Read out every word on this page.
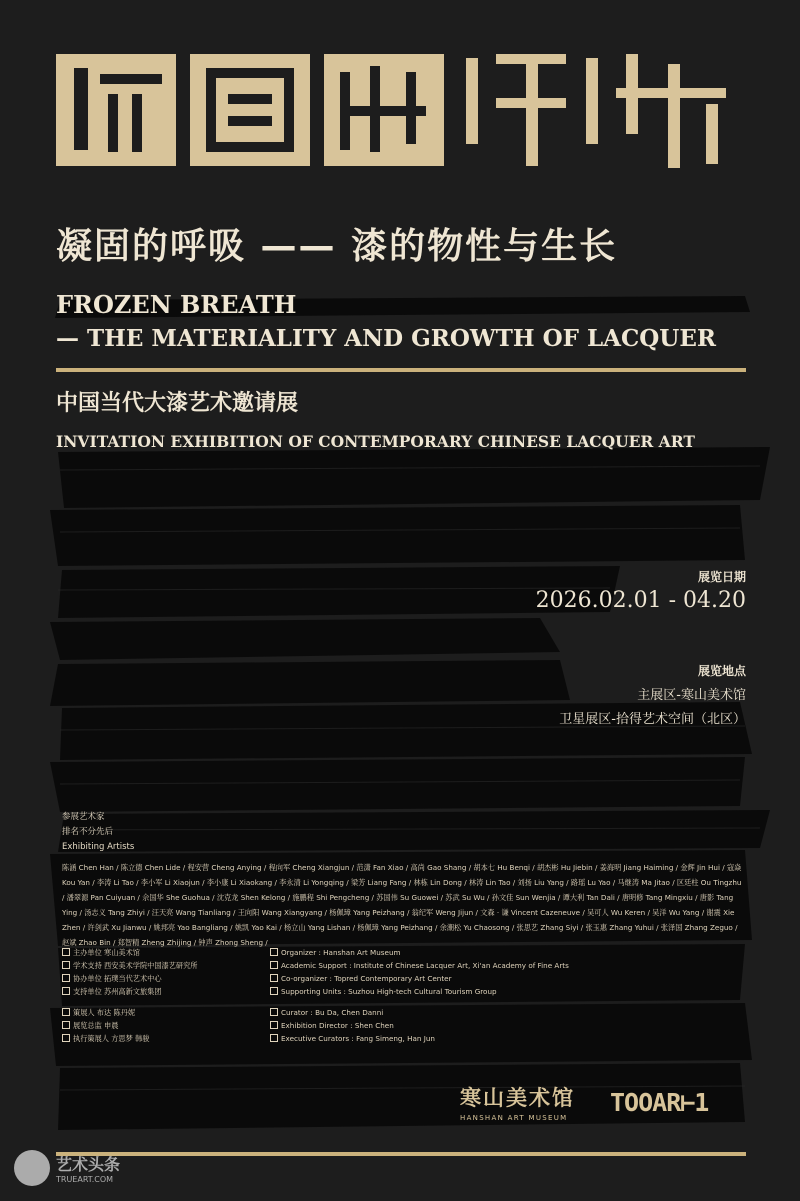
凝固的呼吸 —— 漆的物性与生长
FROZEN BREATH
— THE MATERIALITY AND GROWTH OF LACQUER
中国当代大漆艺术邀请展
INVITATION EXHIBITION OF CONTEMPORARY CHINESE LACQUER ART
展览日期
2026.02.01 - 04.20
展览地点
主展区-寒山美术馆
卫星展区-拾得艺术空间（北区）
参展艺术家
排名不分先后
Exhibiting Artists
陈涵 Chen Han / 陈立德 Chen Lide / 程安营 Cheng Anying / 程向军 Cheng Xiangjun / 范潇 Fan Xiao / 高尚 Gao Shang / 胡本七 Hu Benqi / 胡杰彬 Hu Jiebin / 姜海明 Jiang Haiming / 金辉 Jin Hui / 寇焱 Kou Yan / 李涛 Li Tao / 李小军 Li Xiaojun / 李小康 Li Xiaokang / 李永清 Li Yongqing / 梁芳 Liang Fang / 林栋 Lin Dong / 林涛 Lin Tao / 刘扬 Liu Yang / 路瑶 Lu Yao / 马继涛 Ma Jitao / 区廷柱 Ou Tingzhu / 潘翠源 Pan Cuiyuan / 佘国华 She Guohua / 沈克龙 Shen Kelong / 施鹏程 Shi Pengcheng / 苏国伟 Su Guowei / 苏武 Su Wu / 孙文佳 Sun Wenjia / 谭大利 Tan Dali / 唐明修 Tang Mingxiu / 唐影 Tang Ying / 汤志义 Tang Zhiyi / 汪天亮 Wang Tianliang / 王向阳 Wang Xiangyang / 杨佩璋 Yang Peizhang / 翁纪军 Weng Jijun / 文森 · 谦 Vincent Cazeneuve / 吴可人 Wu Keren / 吴洋 Wu Yang / 谢震 Xie Zhen / 许剑武 Xu Jianwu / 姚邦亮 Yao Bangliang / 姚凯 Yao Kai / 杨立山 Yang Lishan / 杨佩璋 Yang Peizhang / 余潮松 Yu Chaosong / 张思艺 Zhang Siyi / 张玉惠 Zhang Yuhui / 张泽国 Zhang Zeguo / 赵斌 Zhao Bin / 郑智精 Zheng Zhijing / 钟声 Zhong Sheng /
主办单位 寒山美术馆
学术支持 西安美术学院中国漆艺研究所
协办单位 拓璞当代艺术中心
支持单位 苏州高新文旅集团
Organizer : Hanshan Art Museum
Academic Support : Institute of Chinese Lacquer Art, Xi'an Academy of Fine Arts
Co-organizer : Topred Contemporary Art Center
Supporting Units : Suzhou High-tech Cultural Tourism Group
策展人 布达 陈丹妮
展览总监 申晨
执行策展人 方思梦 韩骏
Curator : Bu Da, Chen Danni
Exhibition Director : Shen Chen
Executive Curators : Fang Simeng, Han Jun
寒山美术馆
HANSHAN ART MUSEUM
TOOAR⊢1
艺术头条
TRUEART.COM
